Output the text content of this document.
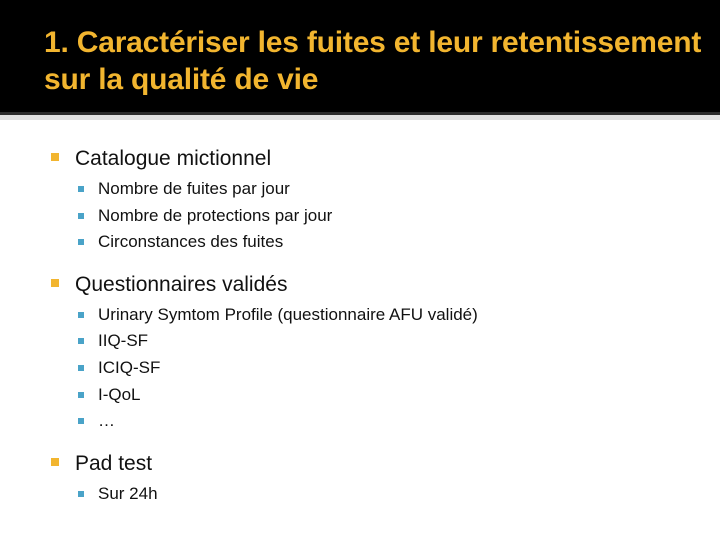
1. Caractériser les fuites et leur retentissement sur la qualité de vie
Catalogue mictionnel
Nombre de fuites par jour
Nombre de protections par jour
Circonstances des fuites
Questionnaires validés
Urinary Symtom Profile (questionnaire AFU validé)
IIQ-SF
ICIQ-SF
I-QoL
…
Pad test
Sur 24h
